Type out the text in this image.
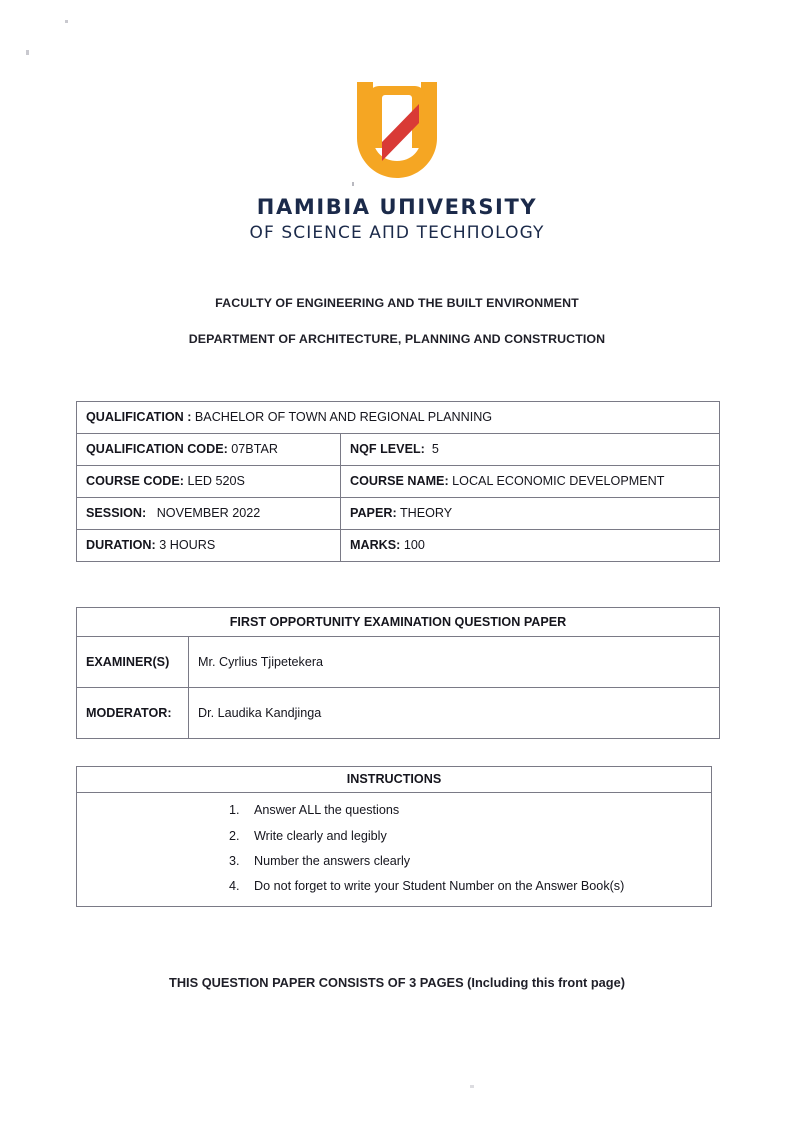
ΠAMIBIA UΠIVERSITY
OF SCIENCE AΠD TECHΠOLOGY
FACULTY OF ENGINEERING AND THE BUILT ENVIRONMENT
DEPARTMENT OF ARCHITECTURE, PLANNING AND CONSTRUCTION
QUALIFICATION : BACHELOR OF TOWN AND REGIONAL PLANNING	
QUALIFICATION CODE: 07BTAR	NQF LEVEL: 5
COURSE CODE: LED 520S	COURSE NAME: LOCAL ECONOMIC DEVELOPMENT
SESSION: NOVEMBER 2022	PAPER: THEORY
DURATION: 3 HOURS	MARKS: 100
FIRST OPPORTUNITY EXAMINATION QUESTION PAPER	
EXAMINER(S)	Mr. Cyrlius Tjipetekera
MODERATOR:	Dr. Laudika Kandjinga
INSTRUCTIONS

1.	Answer ALL the questions
2.	Write clearly and legibly
3.	Number the answers clearly
4.	Do not forget to write your Student Number on the Answer Book(s)
THIS QUESTION PAPER CONSISTS OF 3 PAGES (Including this front page)
